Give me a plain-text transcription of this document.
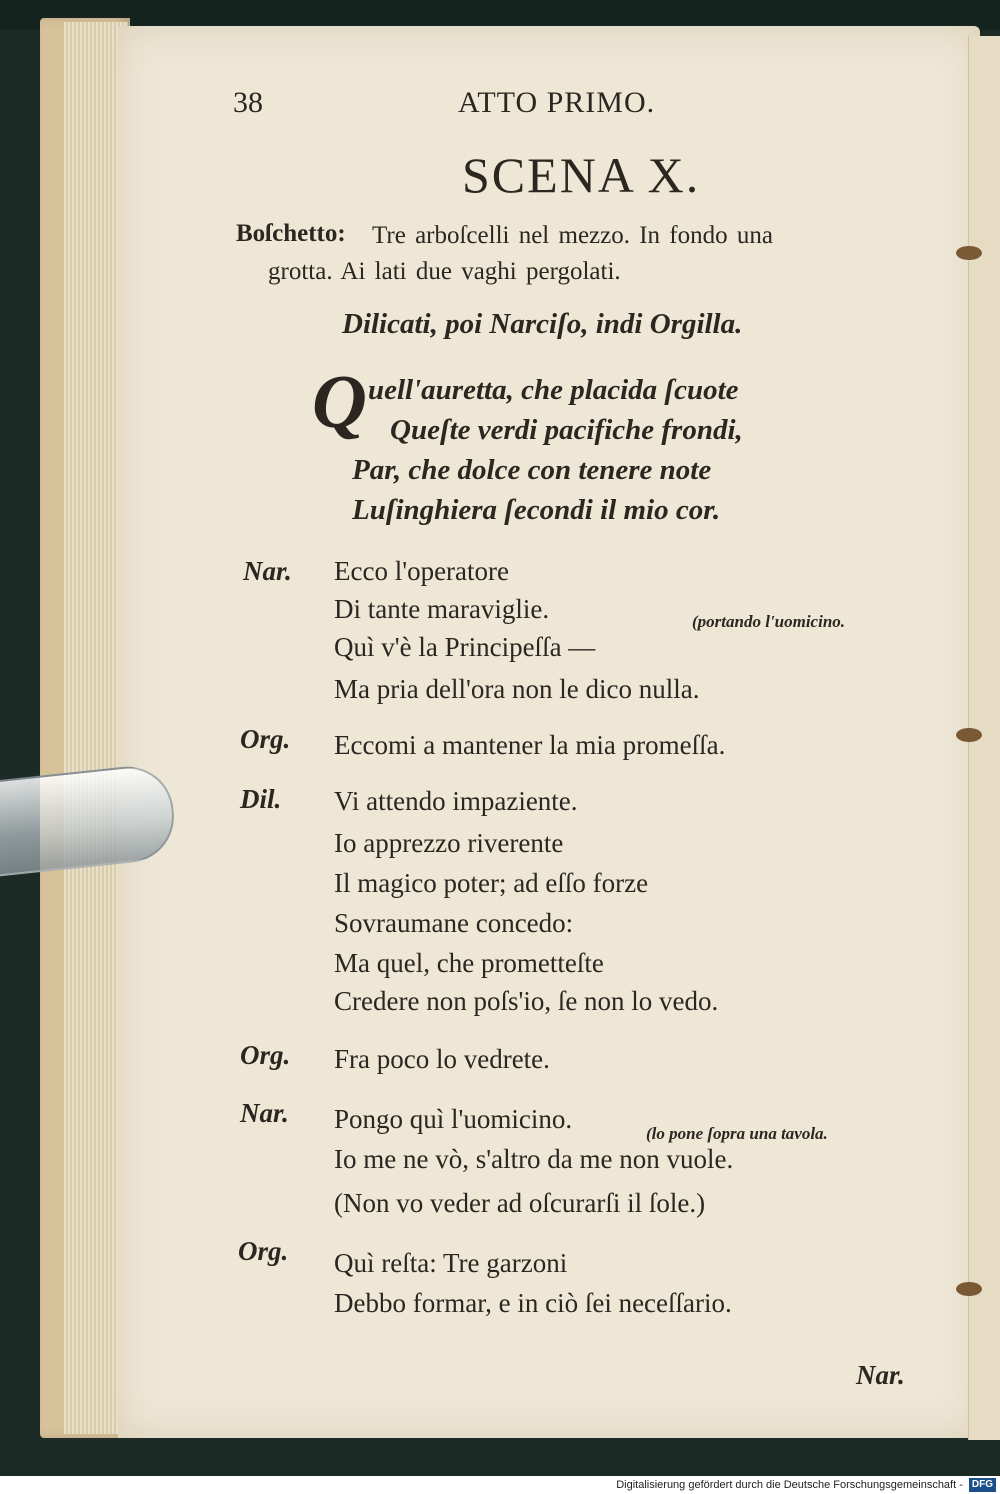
38	ATTO PRIMO.
SCENA X.
Boſchetto: Tre arboſcelli nel mezzo. In fondo una
grotta. Ai lati due vaghi pergolati.
Dilicati, poi Narciſo, indi Orgilla.
Q uell'auretta, che placida ſcuote
Queſte verdi pacifiche frondi,
Par, che dolce con tenere note
Luſinghiera ſecondi il mio cor.
Nar. Ecco l'operatore
Di tante maraviglie.	(portando l'uomicino.
Quì v'è la Principeſſa —
Ma pria dell'ora non le dico nulla.
Org. Eccomi a mantener la mia promeſſa.
Dil. Vi attendo impaziente.
Io apprezzo riverente
Il magico poter; ad eſſo forze
Sovraumane concedo:
Ma quel, che prometteſte
Credere non poſs'io, ſe non lo vedo.
Org. Fra poco lo vedrete.
Nar. Pongo quì l'uomicino.	(lo pone ſopra una tavola.
Io me ne vò, s'altro da me non vuole.
(Non vo veder ad oſcurarſi il ſole.)
Org. Quì reſta: Tre garzoni
Debbo formar, e in ciò ſei neceſſario.
Nar.
Digitalisierung gefördert durch die Deutsche Forschungsgemeinschaft - DFG
